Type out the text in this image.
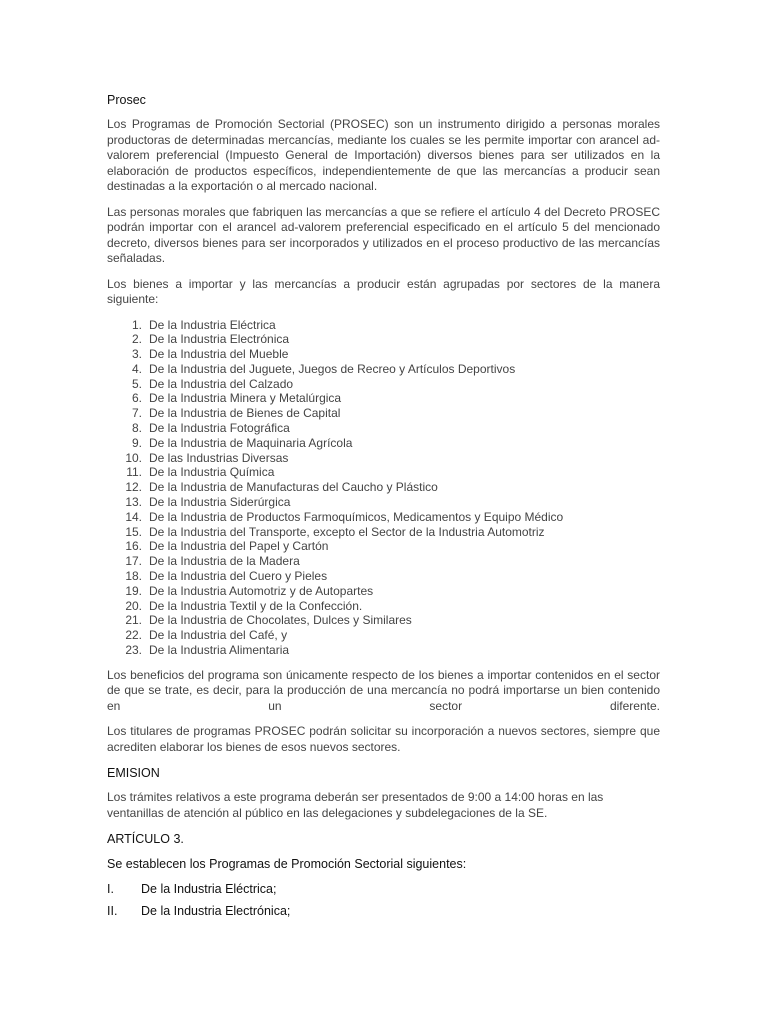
Prosec

Los Programas de Promoción Sectorial (PROSEC) son un instrumento dirigido a personas morales productoras de determinadas mercancías, mediante los cuales se les permite importar con arancel ad-valorem preferencial (Impuesto General de Importación) diversos bienes para ser utilizados en la elaboración de productos específicos, independientemente de que las mercancías a producir sean destinadas a la exportación o al mercado nacional.

Las personas morales que fabriquen las mercancías a que se refiere el artículo 4 del Decreto PROSEC podrán importar con el arancel ad-valorem preferencial especificado en el artículo 5 del mencionado decreto, diversos bienes para ser incorporados y utilizados en el proceso productivo de las mercancías señaladas.

Los bienes a importar y las mercancías a producir están agrupadas por sectores de la manera siguiente:

1. De la Industria Eléctrica
2. De la Industria Electrónica
3. De la Industria del Mueble
4. De la Industria del Juguete, Juegos de Recreo y Artículos Deportivos
5. De la Industria del Calzado
6. De la Industria Minera y Metalúrgica
7. De la Industria de Bienes de Capital
8. De la Industria Fotográfica
9. De la Industria de Maquinaria Agrícola
10. De las Industrias Diversas
11. De la Industria Química
12. De la Industria de Manufacturas del Caucho y Plástico
13. De la Industria Siderúrgica
14. De la Industria de Productos Farmoquímicos, Medicamentos y Equipo Médico
15. De la Industria del Transporte, excepto el Sector de la Industria Automotriz
16. De la Industria del Papel y Cartón
17. De la Industria de la Madera
18. De la Industria del Cuero y Pieles
19. De la Industria Automotriz y de Autopartes
20. De la Industria Textil y de la Confección.
21. De la Industria de Chocolates, Dulces y Similares
22. De la Industria del Café, y
23. De la Industria Alimentaria

Los beneficios del programa son únicamente respecto de los bienes a importar contenidos en el sector de que se trate, es decir, para la producción de una mercancía no podrá importarse un bien contenido en un sector diferente.

Los titulares de programas PROSEC podrán solicitar su incorporación a nuevos sectores, siempre que acrediten elaborar los bienes de esos nuevos sectores.

EMISION

Los trámites relativos a este programa deberán ser presentados de 9:00 a 14:00 horas en las ventanillas de atención al público en las delegaciones y subdelegaciones de la SE.

ARTÍCULO 3.
Se establecen los Programas de Promoción Sectorial siguientes:
I.	De la Industria Eléctrica;
II.	De la Industria Electrónica;
